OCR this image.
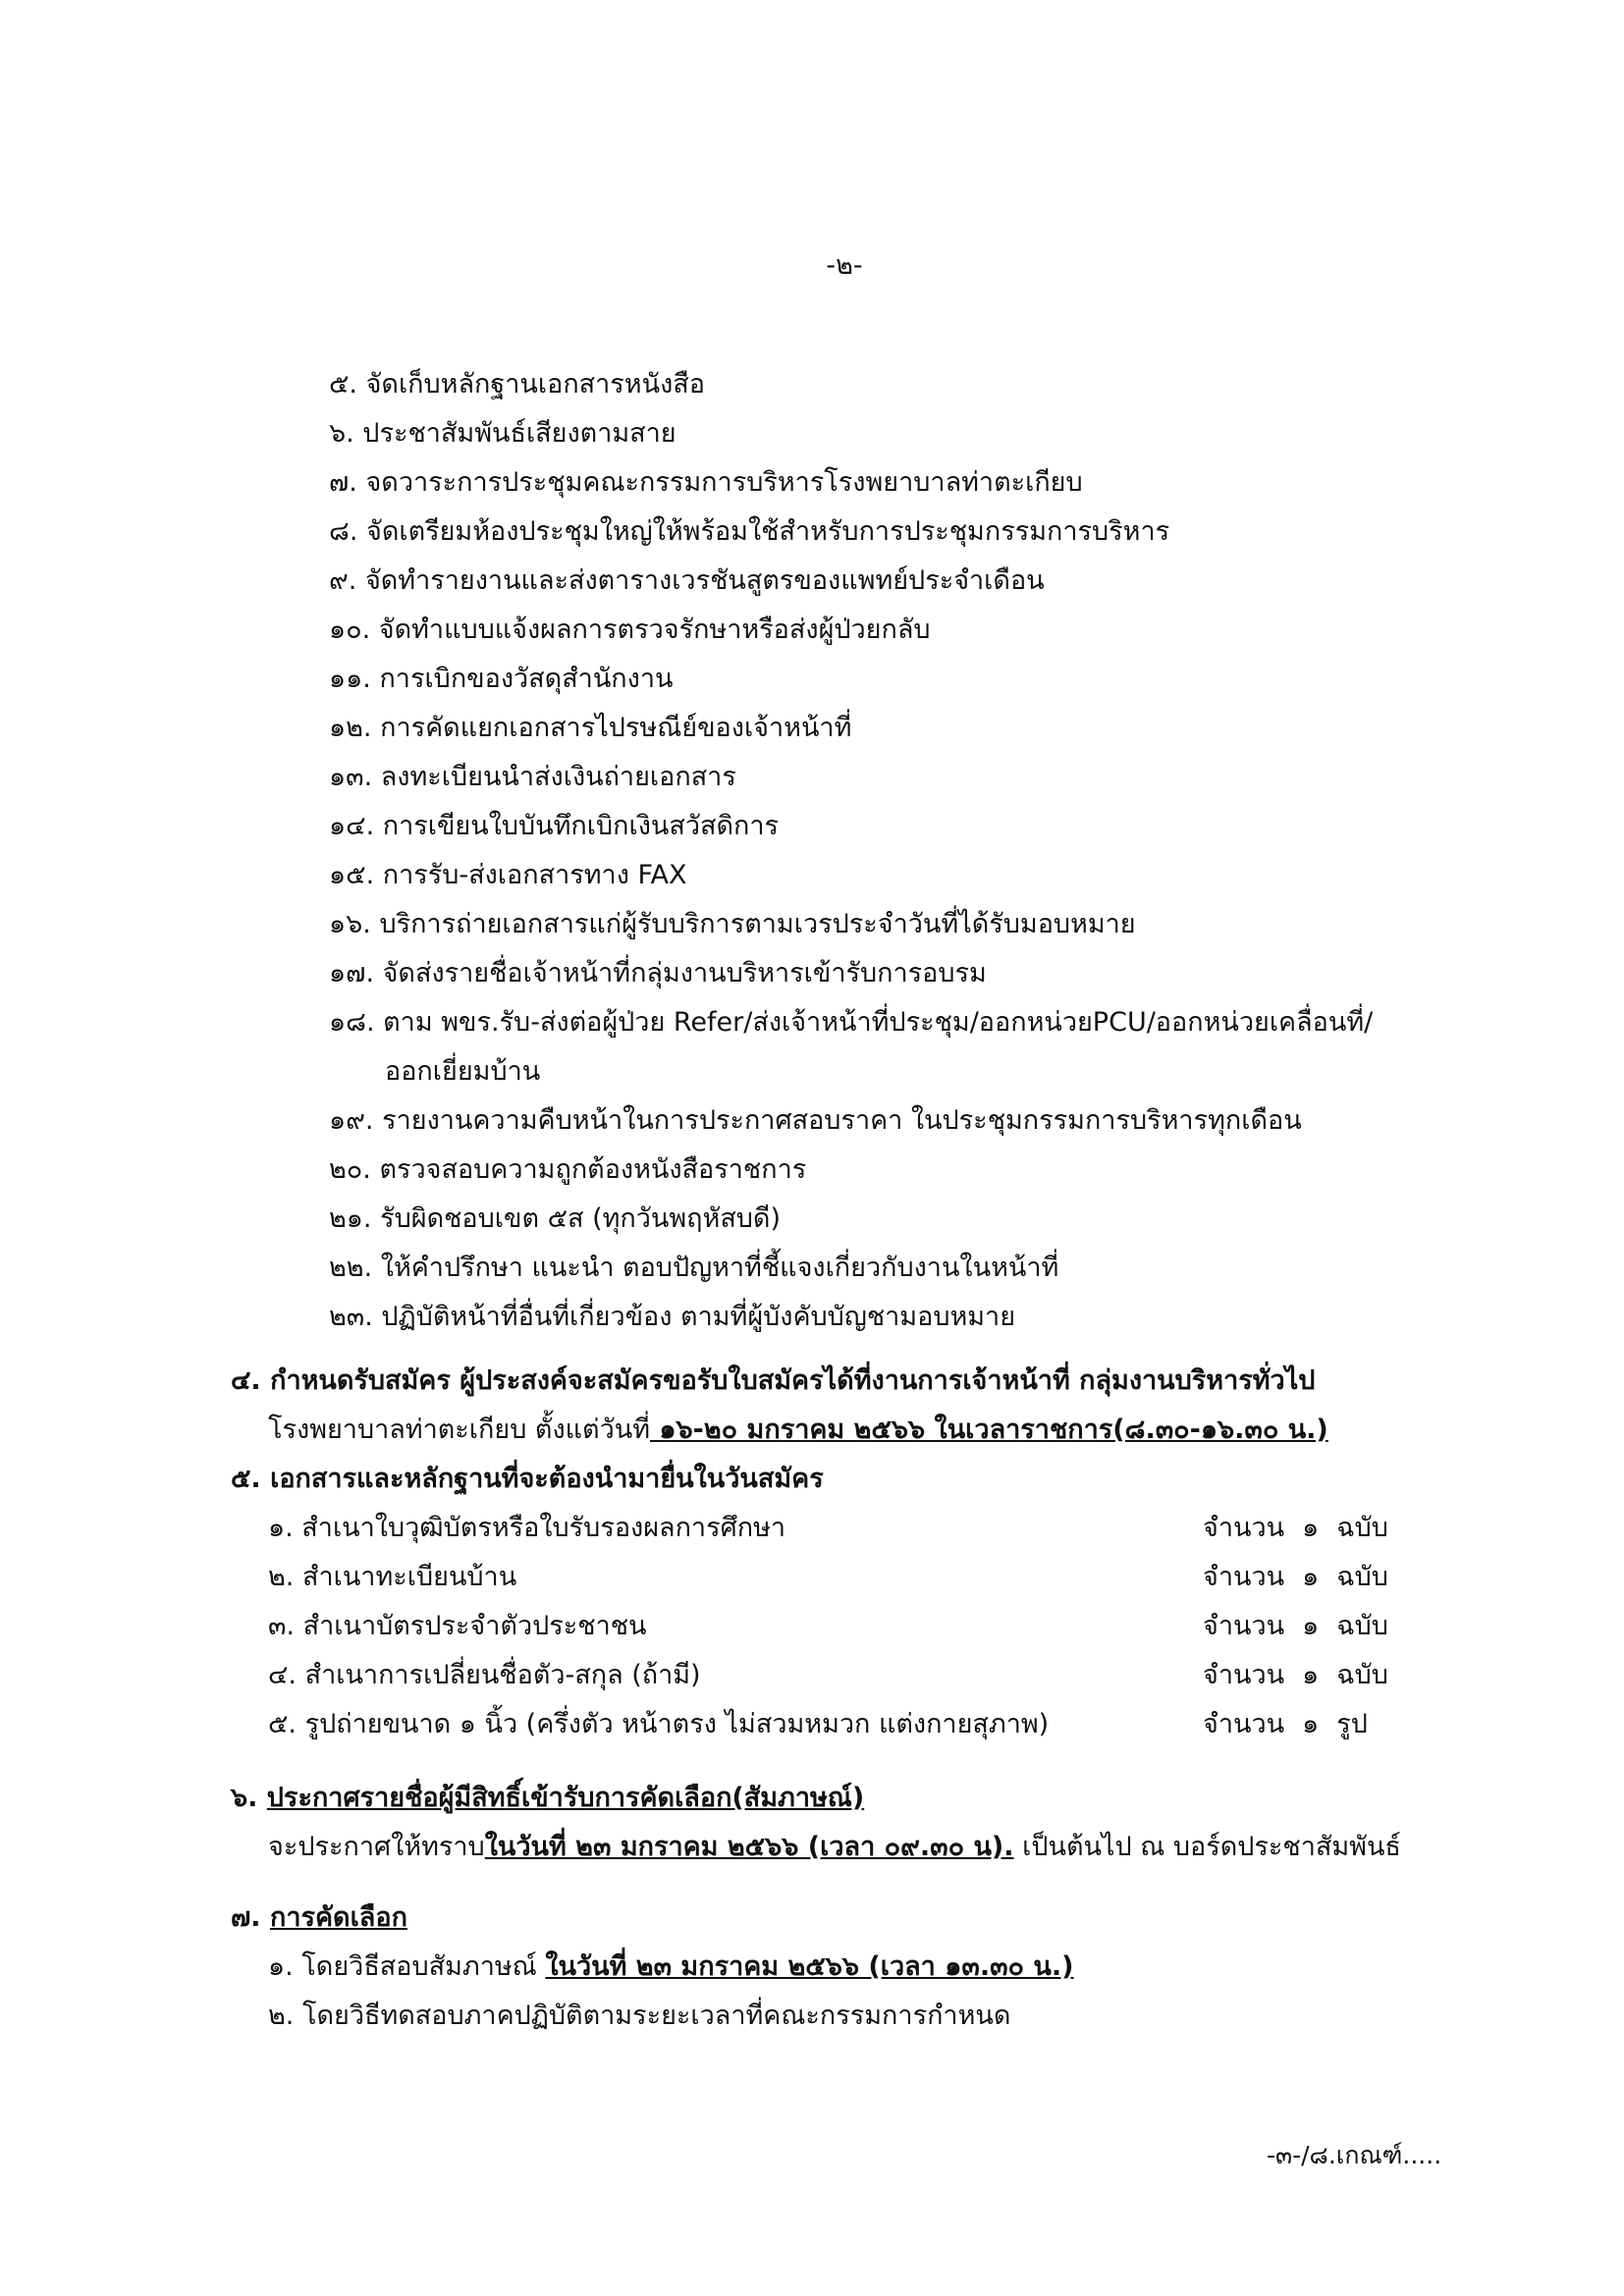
-๒-
๕. จัดเก็บหลักฐานเอกสารหนังสือ
๖. ประชาสัมพันธ์เสียงตามสาย
๗. จดวาระการประชุมคณะกรรมการบริหารโรงพยาบาลท่าตะเกียบ
๘. จัดเตรียมห้องประชุมใหญ่ให้พร้อมใช้สำหรับการประชุมกรรมการบริหาร
๙. จัดทำรายงานและส่งตารางเวรชันสูตรของแพทย์ประจำเดือน
๑๐. จัดทำแบบแจ้งผลการตรวจรักษาหรือส่งผู้ป่วยกลับ
๑๑. การเบิกของวัสดุสำนักงาน
๑๒. การคัดแยกเอกสารไปรษณีย์ของเจ้าหน้าที่
๑๓. ลงทะเบียนนำส่งเงินถ่ายเอกสาร
๑๔. การเขียนใบบันทึกเบิกเงินสวัสดิการ
๑๕. การรับ-ส่งเอกสารทาง FAX
๑๖. บริการถ่ายเอกสารแก่ผู้รับบริการตามเวรประจำวันที่ได้รับมอบหมาย
๑๗. จัดส่งรายชื่อเจ้าหน้าที่กลุ่มงานบริหารเข้ารับการอบรม
๑๘. ตาม พขร.รับ-ส่งต่อผู้ป่วย Refer/ส่งเจ้าหน้าที่ประชุม/ออกหน่วยPCU/ออกหน่วยเคลื่อนที่/
ออกเยี่ยมบ้าน
๑๙. รายงานความคืบหน้าในการประกาศสอบราคา ในประชุมกรรมการบริหารทุกเดือน
๒๐. ตรวจสอบความถูกต้องหนังสือราชการ
๒๑. รับผิดชอบเขต ๕ส (ทุกวันพฤหัสบดี)
๒๒. ให้คำปรึกษา แนะนำ ตอบปัญหาที่ชี้แจงเกี่ยวกับงานในหน้าที่
๒๓. ปฏิบัติหน้าที่อื่นที่เกี่ยวข้อง ตามที่ผู้บังคับบัญชามอบหมาย
๔. กำหนดรับสมัคร ผู้ประสงค์จะสมัครขอรับใบสมัครได้ที่งานการเจ้าหน้าที่ กลุ่มงานบริหารทั่วไป
โรงพยาบาลท่าตะเกียบ ตั้งแต่วันที่ ๑๖-๒๐ มกราคม ๒๕๖๖ ในเวลาราชการ(๘.๓๐-๑๖.๓๐ น.)
๕. เอกสารและหลักฐานที่จะต้องนำมายื่นในวันสมัคร
๑. สำเนาใบวุฒิบัตรหรือใบรับรองผลการศึกษา	จำนวน ๑ ฉบับ
๒. สำเนาทะเบียนบ้าน	จำนวน ๑ ฉบับ
๓. สำเนาบัตรประจำตัวประชาชน	จำนวน ๑ ฉบับ
๔. สำเนาการเปลี่ยนชื่อตัว-สกุล (ถ้ามี)	จำนวน ๑ ฉบับ
๕. รูปถ่ายขนาด ๑ นิ้ว (ครึ่งตัว หน้าตรง ไม่สวมหมวก แต่งกายสุภาพ)	จำนวน ๑ รูป
๖. ประกาศรายชื่อผู้มีสิทธิ์เข้ารับการคัดเลือก(สัมภาษณ์)
จะประกาศให้ทราบในวันที่ ๒๓ มกราคม ๒๕๖๖ (เวลา ๐๙.๓๐ น). เป็นต้นไป ณ บอร์ดประชาสัมพันธ์
๗. การคัดเลือก
๑. โดยวิธีสอบสัมภาษณ์ ในวันที่ ๒๓ มกราคม ๒๕๖๖ (เวลา ๑๓.๓๐ น.)
๒. โดยวิธีทดสอบภาคปฏิบัติตามระยะเวลาที่คณะกรรมการกำหนด
-๓-/๘.เกณฑ์.....
